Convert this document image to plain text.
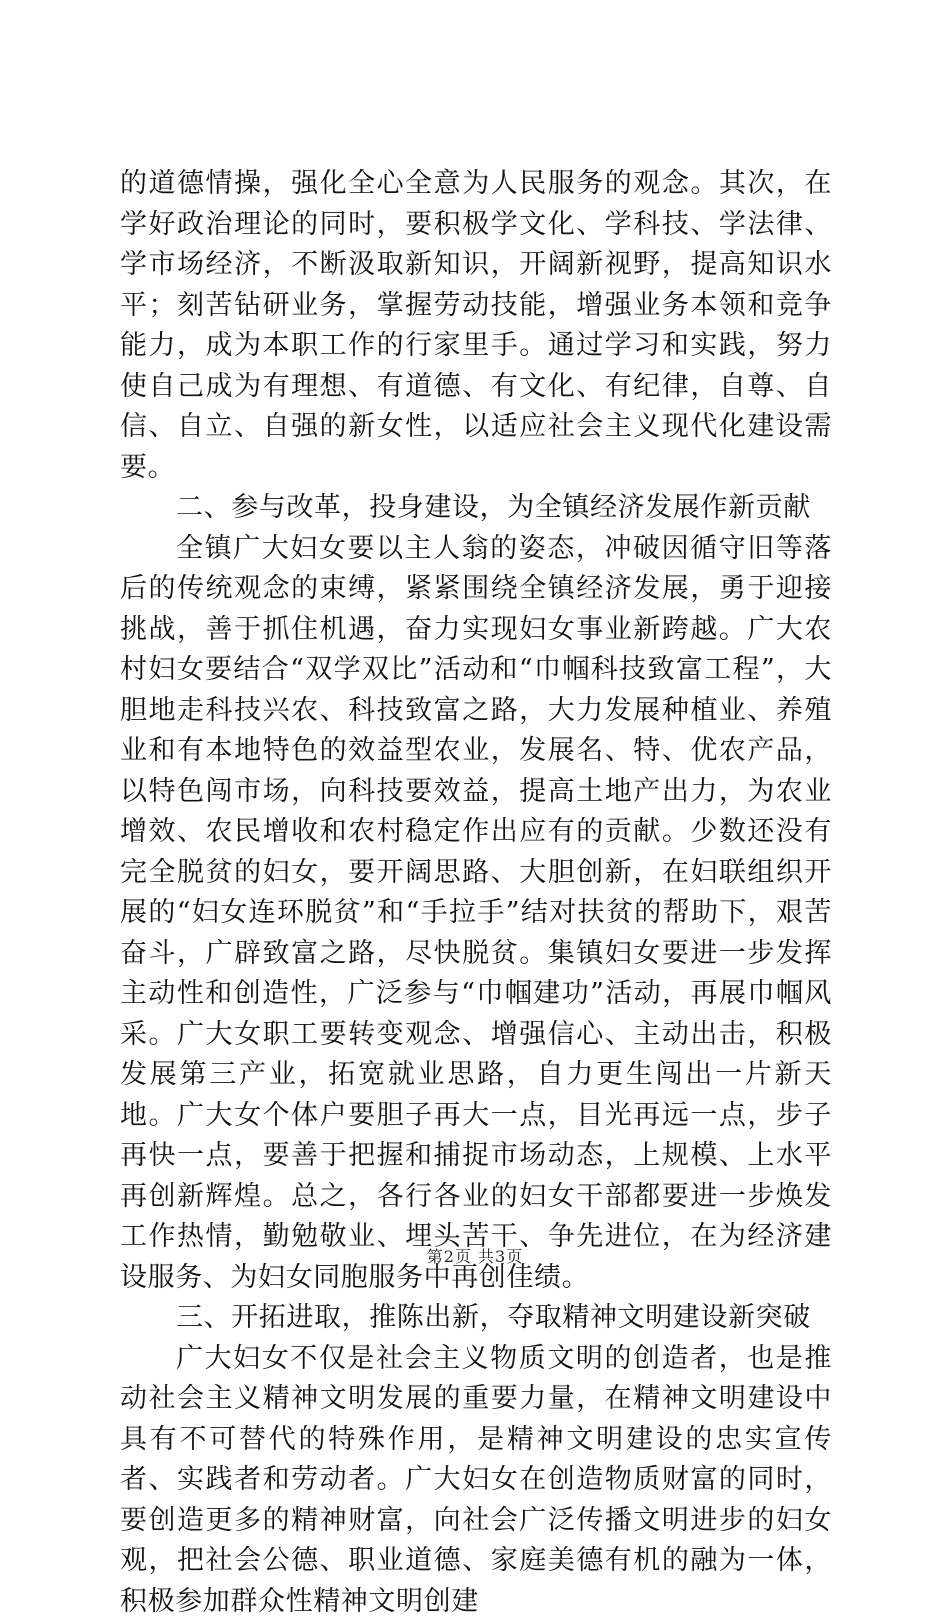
的道德情操，强化全心全意为人民服务的观念。其次，在学好政治理论的同时，要积极学文化、学科技、学法律、学市场经济，不断汲取新知识，开阔新视野，提高知识水平；刻苦钻研业务，掌握劳动技能，增强业务本领和竞争能力，成为本职工作的行家里手。通过学习和实践，努力使自己成为有理想、有道德、有文化、有纪律，自尊、自信、自立、自强的新女性，以适应社会主义现代化建设需要。

二、参与改革，投身建设，为全镇经济发展作新贡献

全镇广大妇女要以主人翁的姿态，冲破因循守旧等落后的传统观念的束缚，紧紧围绕全镇经济发展，勇于迎接挑战，善于抓住机遇，奋力实现妇女事业新跨越。广大农村妇女要结合“双学双比”活动和“巾帼科技致富工程”，大胆地走科技兴农、科技致富之路，大力发展种植业、养殖业和有本地特色的效益型农业，发展名、特、优农产品，以特色闯市场，向科技要效益，提高土地产出力，为农业增效、农民增收和农村稳定作出应有的贡献。少数还没有完全脱贫的妇女，要开阔思路、大胆创新，在妇联组织开展的“妇女连环脱贫”和“手拉手”结对扶贫的帮助下，艰苦奋斗，广辟致富之路，尽快脱贫。集镇妇女要进一步发挥主动性和创造性，广泛参与“巾帼建功”活动，再展巾帼风采。广大女职工要转变观念、增强信心、主动出击，积极发展第三产业，拓宽就业思路，自力更生闯出一片新天地。广大女个体户要胆子再大一点，目光再远一点，步子再快一点，要善于把握和捕捉市场动态，上规模、上水平再创新辉煌。总之，各行各业的妇女干部都要进一步焕发工作热情，勤勉敬业、埋头苦干、争先进位，在为经济建设服务、为妇女同胞服务中再创佳绩。

三、开拓进取，推陈出新，夺取精神文明建设新突破

广大妇女不仅是社会主义物质文明的创造者，也是推动社会主义精神文明发展的重要力量，在精神文明建设中具有不可替代的特殊作用，是精神文明建设的忠实宣传者、实践者和劳动者。广大妇女在创造物质财富的同时，要创造更多的精神财富，向社会广泛传播文明进步的妇女观，把社会公德、职业道德、家庭美德有机的融为一体，积极参加群众性精神文明创建

第2页 共3页
